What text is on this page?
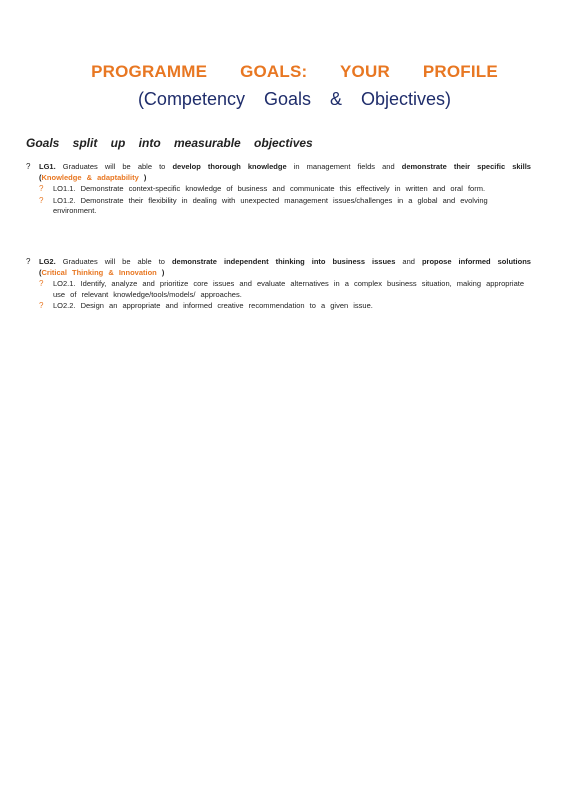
PROGRAMME GOALS: YOUR PROFILE
(Competency Goals & Objectives)
Goals split up into measurable objectives
?	LG1. Graduates will be able to develop thorough knowledge in management fields and demonstrate their specific skills (Knowledge & adaptability )
?	LO1.1. Demonstrate context-specific knowledge of business and communicate this effectively in written and oral form.
?	LO1.2. Demonstrate their flexibility in dealing with unexpected management issues/challenges in a global and evolving environment.
?	LG2. Graduates will be able to demonstrate independent thinking into business issues and propose informed solutions (Critical Thinking & Innovation )
?	LO2.1. Identify, analyze and prioritize core issues and evaluate alternatives in a complex business situation, making appropriate use of relevant knowledge/tools/models/ approaches.
?	LO2.2. Design an appropriate and informed creative recommendation to a given issue.
